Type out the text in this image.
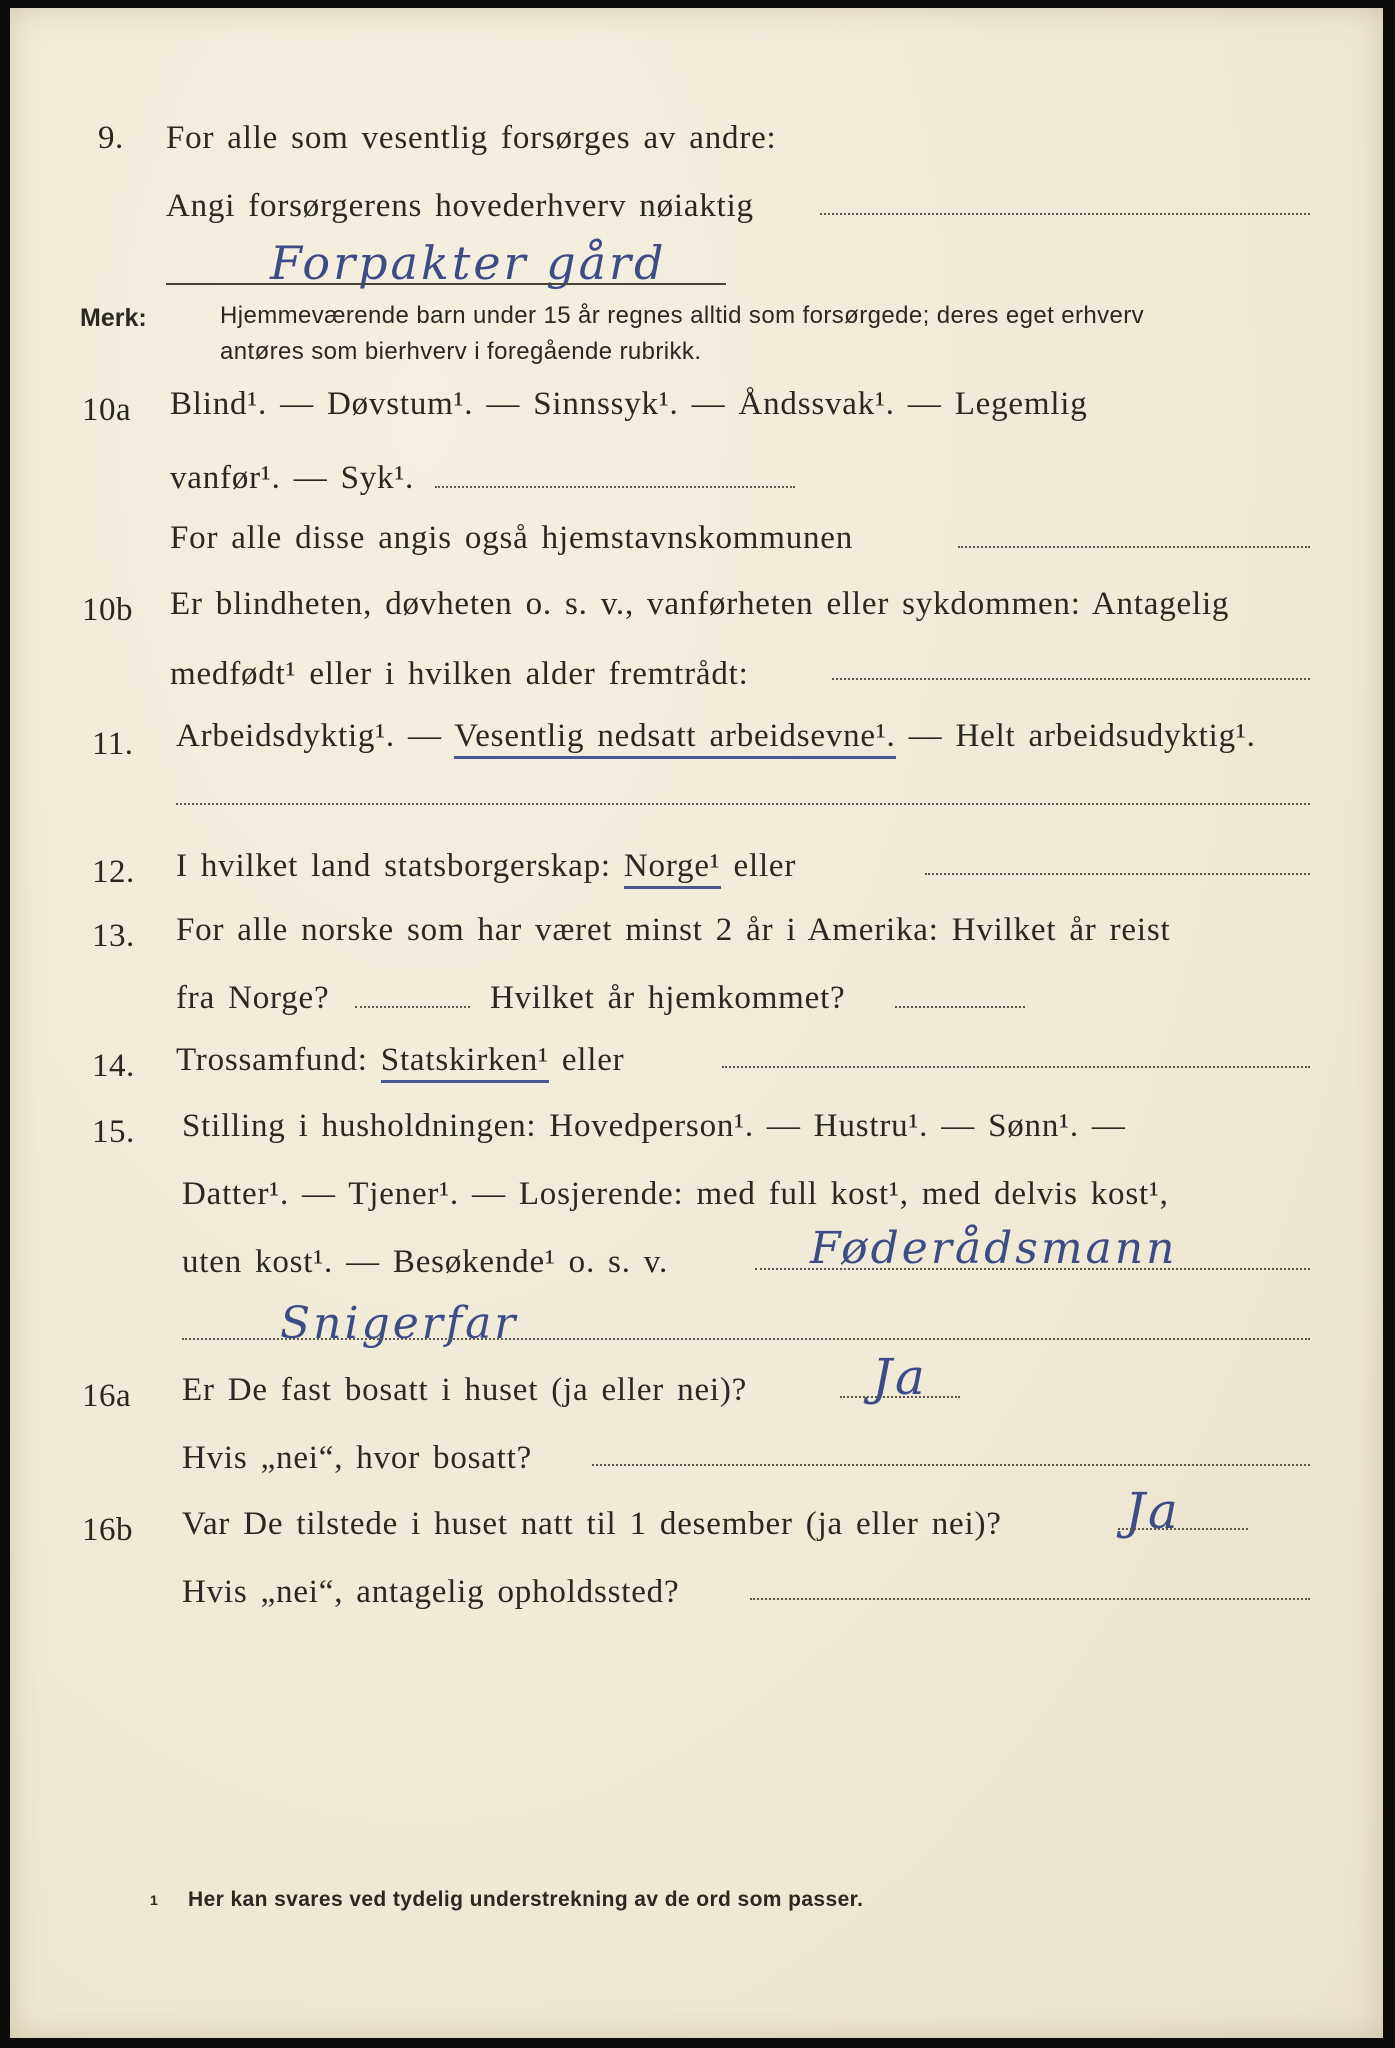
9. For alle som vesentlig forsørges av andre:
Angi forsørgerens hovederhverv nøiaktig
Forpakter gård
Merk:	Hjemmeværende barn under 15 år regnes alltid som forsørgede; deres eget erhverv
antøres som bierhverv i foregående rubrikk.
10a Blind¹. — Døvstum¹. — Sinnssyk¹. — Åndssvak¹. — Legemlig
vanfør¹. — Syk¹.
For alle disse angis også hjemstavnskommunen
10b Er blindheten, døvheten o. s. v., vanførheten eller sykdommen: Antagelig
medfødt¹ eller i hvilken alder fremtrådt:
11. Arbeidsdyktig¹. — Vesentlig nedsatt arbeidsevne¹. — Helt arbeidsudyktig¹.
12. I hvilket land statsborgerskap: Norge¹ eller
13. For alle norske som har været minst 2 år i Amerika: Hvilket år reist
fra Norge?	Hvilket år hjemkommet?
14. Trossamfund: Statskirken¹ eller
15. Stilling i husholdningen: Hovedperson¹. — Hustru¹. — Sønn¹. —
Datter¹. — Tjener¹. — Losjerende: med full kost¹, med delvis kost¹,
uten kost¹. — Besøkende¹ o. s. v.	Føderådsmann
Snigerfar
16a Er De fast bosatt i huset (ja eller nei)? Ja
Hvis „nei“, hvor bosatt?
16b Var De tilstede i huset natt til 1 desember (ja eller nei)? Ja
Hvis „nei“, antagelig opholdssted?
1 Her kan svares ved tydelig understrekning av de ord som passer.
